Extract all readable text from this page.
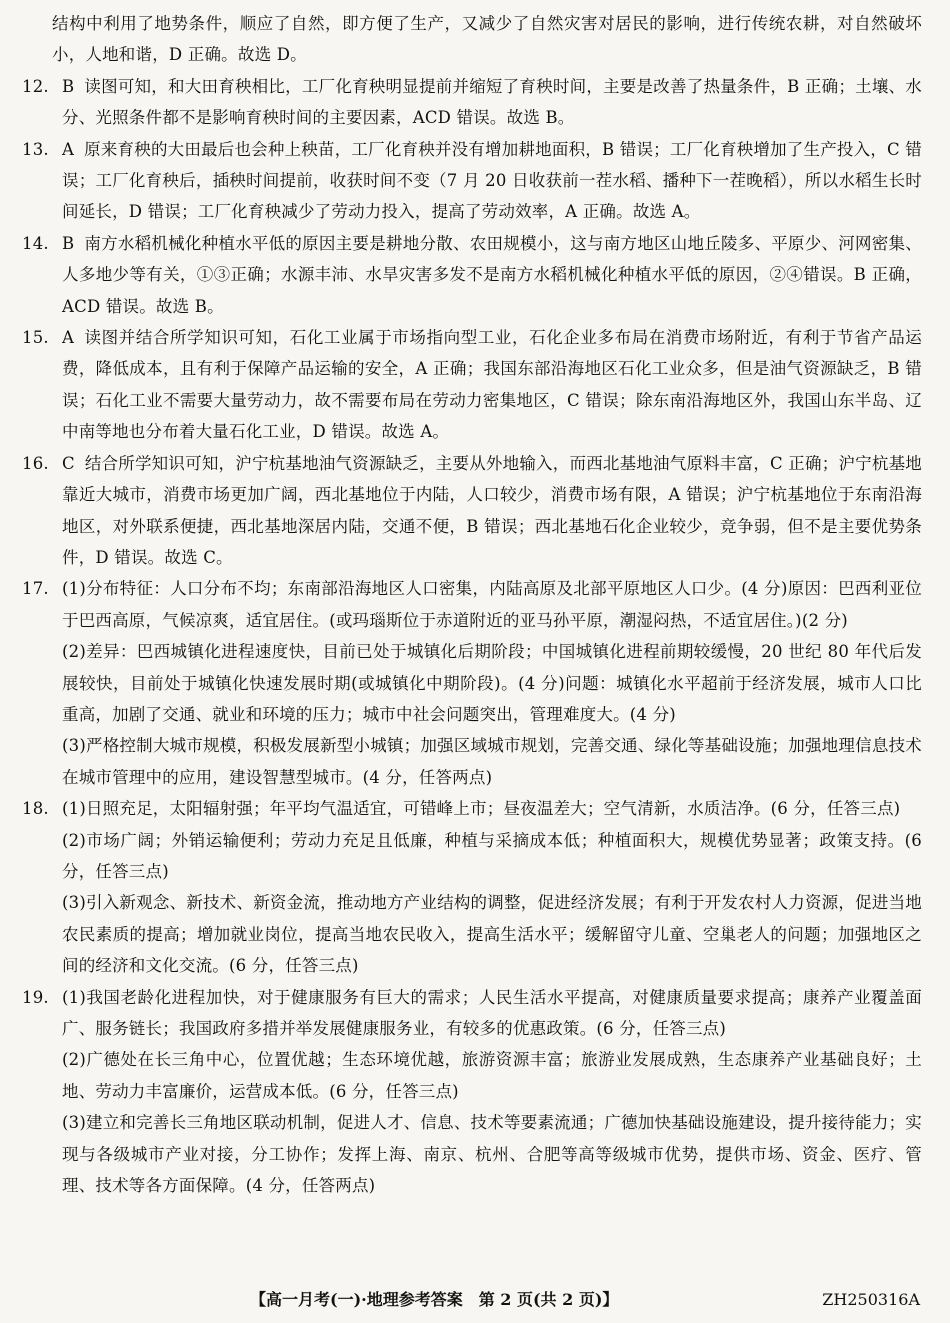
结构中利用了地势条件，顺应了自然，即方便了生产，又减少了自然灾害对居民的影响，进行传统农耕，对自然破坏小，人地和谐，D 正确。故选 D。

12. B 读图可知，和大田育秧相比，工厂化育秧明显提前并缩短了育秧时间，主要是改善了热量条件，B 正确；土壤、水分、光照条件都不是影响育秧时间的主要因素，ACD 错误。故选 B。
13. A 原来育秧的大田最后也会种上秧苗，工厂化育秧并没有增加耕地面积，B 错误；工厂化育秧增加了生产投入，C 错误；工厂化育秧后，插秧时间提前，收获时间不变（7 月 20 日收获前一茬水稻、播种下一茬晚稻），所以水稻生长时间延长，D 错误；工厂化育秧减少了劳动力投入，提高了劳动效率，A 正确。故选 A。
14. B 南方水稻机械化种植水平低的原因主要是耕地分散、农田规模小，这与南方地区山地丘陵多、平原少、河网密集、人多地少等有关，①③正确；水源丰沛、水旱灾害多发不是南方水稻机械化种植水平低的原因，②④错误。B 正确，ACD 错误。故选 B。
15. A 读图并结合所学知识可知，石化工业属于市场指向型工业，石化企业多布局在消费市场附近，有利于节省产品运费，降低成本，且有利于保障产品运输的安全，A 正确；我国东部沿海地区石化工业众多，但是油气资源缺乏，B 错误；石化工业不需要大量劳动力，故不需要布局在劳动力密集地区，C 错误；除东南沿海地区外，我国山东半岛、辽中南等地也分布着大量石化工业，D 错误。故选 A。
16. C 结合所学知识可知，沪宁杭基地油气资源缺乏，主要从外地输入，而西北基地油气原料丰富，C 正确；沪宁杭基地靠近大城市，消费市场更加广阔，西北基地位于内陆，人口较少，消费市场有限，A 错误；沪宁杭基地位于东南沿海地区，对外联系便捷，西北基地深居内陆，交通不便，B 错误；西北基地石化企业较少，竞争弱，但不是主要优势条件，D 错误。故选 C。
17. (1)分布特征：人口分布不均；东南部沿海地区人口密集，内陆高原及北部平原地区人口少。(4 分)原因：巴西利亚位于巴西高原，气候凉爽，适宜居住。(或玛瑙斯位于赤道附近的亚马孙平原，潮湿闷热，不适宜居住。)(2 分)
(2)差异：巴西城镇化进程速度快，目前已处于城镇化后期阶段；中国城镇化进程前期较缓慢，20 世纪 80 年代后发展较快，目前处于城镇化快速发展时期(或城镇化中期阶段)。(4 分)问题：城镇化水平超前于经济发展，城市人口比重高，加剧了交通、就业和环境的压力；城市中社会问题突出，管理难度大。(4 分)
(3)严格控制大城市规模，积极发展新型小城镇；加强区域城市规划，完善交通、绿化等基础设施；加强地理信息技术在城市管理中的应用，建设智慧型城市。(4 分，任答两点)
18. (1)日照充足，太阳辐射强；年平均气温适宜，可错峰上市；昼夜温差大；空气清新，水质洁净。(6 分，任答三点)
(2)市场广阔；外销运输便利；劳动力充足且低廉，种植与采摘成本低；种植面积大，规模优势显著；政策支持。(6 分，任答三点)
(3)引入新观念、新技术、新资金流，推动地方产业结构的调整，促进经济发展；有利于开发农村人力资源，促进当地农民素质的提高；增加就业岗位，提高当地农民收入，提高生活水平；缓解留守儿童、空巢老人的问题；加强地区之间的经济和文化交流。(6 分，任答三点)
19. (1)我国老龄化进程加快，对于健康服务有巨大的需求；人民生活水平提高，对健康质量要求提高；康养产业覆盖面广、服务链长；我国政府多措并举发展健康服务业，有较多的优惠政策。(6 分，任答三点)
(2)广德处在长三角中心，位置优越；生态环境优越，旅游资源丰富；旅游业发展成熟，生态康养产业基础良好；土地、劳动力丰富廉价，运营成本低。(6 分，任答三点)
(3)建立和完善长三角地区联动机制，促进人才、信息、技术等要素流通；广德加快基础设施建设，提升接待能力；实现与各级城市产业对接，分工协作；发挥上海、南京、杭州、合肥等高等级城市优势，提供市场、资金、医疗、管理、技术等各方面保障。(4 分，任答两点)
【高一月考(一)·地理参考答案　第 2 页(共 2 页)】	ZH250316A
